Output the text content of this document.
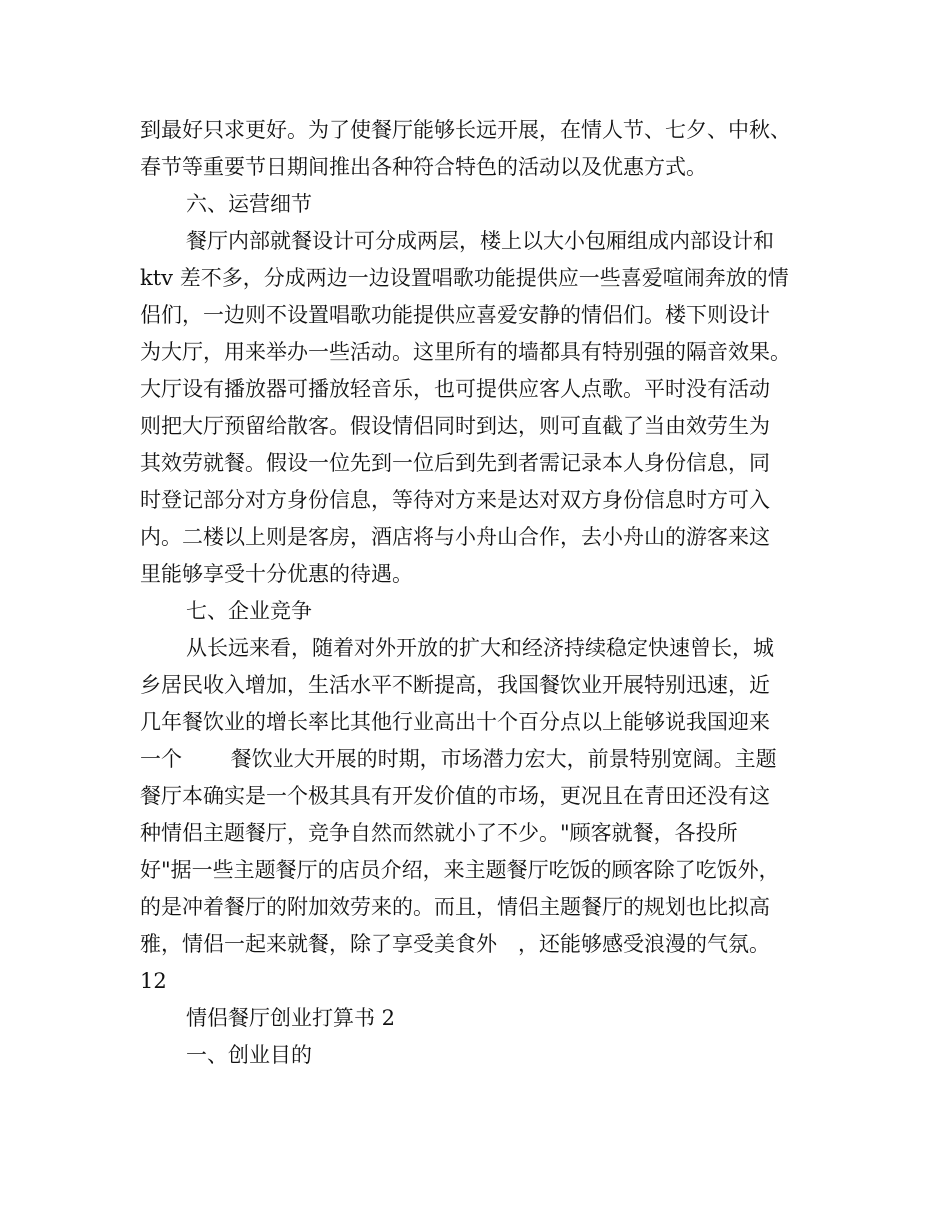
到最好只求更好。为了使餐厅能够长远开展，在情人节、七夕、中秋、
春节等重要节日期间推出各种符合特色的活动以及优惠方式。
六、运营细节
餐厅内部就餐设计可分成两层，楼上以大小包厢组成内部设计和
ktv 差不多，分成两边一边设置唱歌功能提供应一些喜爱喧闹奔放的情
侣们，一边则不设置唱歌功能提供应喜爱安静的情侣们。楼下则设计
为大厅，用来举办一些活动。这里所有的墙都具有特别强的隔音效果。
大厅设有播放器可播放轻音乐，也可提供应客人点歌。平时没有活动
则把大厅预留给散客。假设情侣同时到达，则可直截了当由效劳生为
其效劳就餐。假设一位先到一位后到先到者需记录本人身份信息，同
时登记部分对方身份信息，等待对方来是达对双方身份信息时方可入
内。二楼以上则是客房，酒店将与小舟山合作，去小舟山的游客来这
里能够享受十分优惠的待遇。
七、企业竞争
从长远来看，随着对外开放的扩大和经济持续稳定快速曾长，城
乡居民收入增加，生活水平不断提高，我国餐饮业开展特别迅速，近
几年餐饮业的增长率比其他行业高出十个百分点以上能够说我国迎来
一个　　 餐饮业大开展的时期，市场潜力宏大，前景特别宽阔。主题
餐厅本确实是一个极其具有开发价值的市场，更况且在青田还没有这
种情侣主题餐厅，竞争自然而然就小了不少。"顾客就餐，各投所
好"据一些主题餐厅的店员介绍，来主题餐厅吃饭的顾客除了吃饭外，
的是冲着餐厅的附加效劳来的。而且，情侣主题餐厅的规划也比拟高
雅，情侣一起来就餐，除了享受美食外　，还能够感受浪漫的气氛。
12
情侣餐厅创业打算书 2
一、创业目的
